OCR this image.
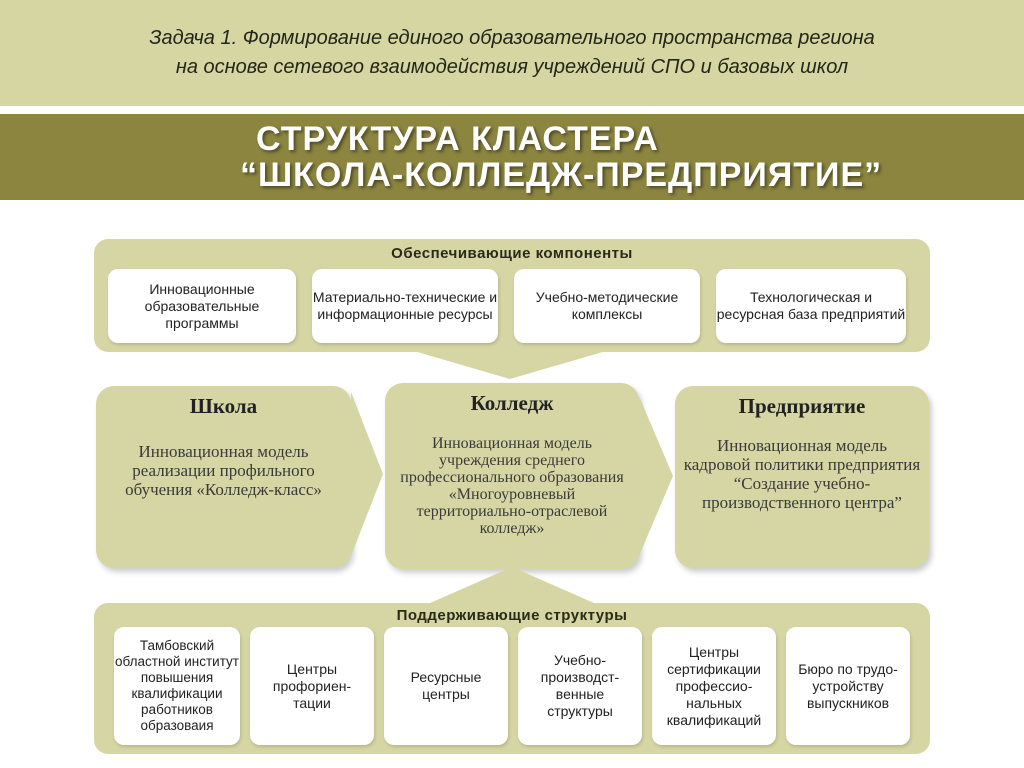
Задача 1. Формирование единого образовательного пространства региона
на основе сетевого взаимодействия учреждений СПО и базовых школ
СТРУКТУРА КЛАСТЕРА
“ШКОЛА-КОЛЛЕДЖ-ПРЕДПРИЯТИЕ”
Обеспечивающие компоненты
Инновационные образовательные программы
Материально-технические и информационные ресурсы
Учебно-методические комплексы
Технологическая и ресурсная база предприятий
Школа
Инновационная модель реализации профильного обучения «Колледж-класс»
Колледж
Инновационная модель учреждения среднего профессионального образования «Многоуровневый территориально-отраслевой колледж»
Предприятие
Инновационная модель кадровой политики предприятия “Создание учебно-производственного центра”
Поддерживающие структуры
Тамбовский областной институт повышения квалификации работников образоваия
Центры профориен-тации
Ресурсные центры
Учебно-производст-венные структуры
Центры сертификации профессио-нальных квалификаций
Бюро по трудо-устройству выпускников
